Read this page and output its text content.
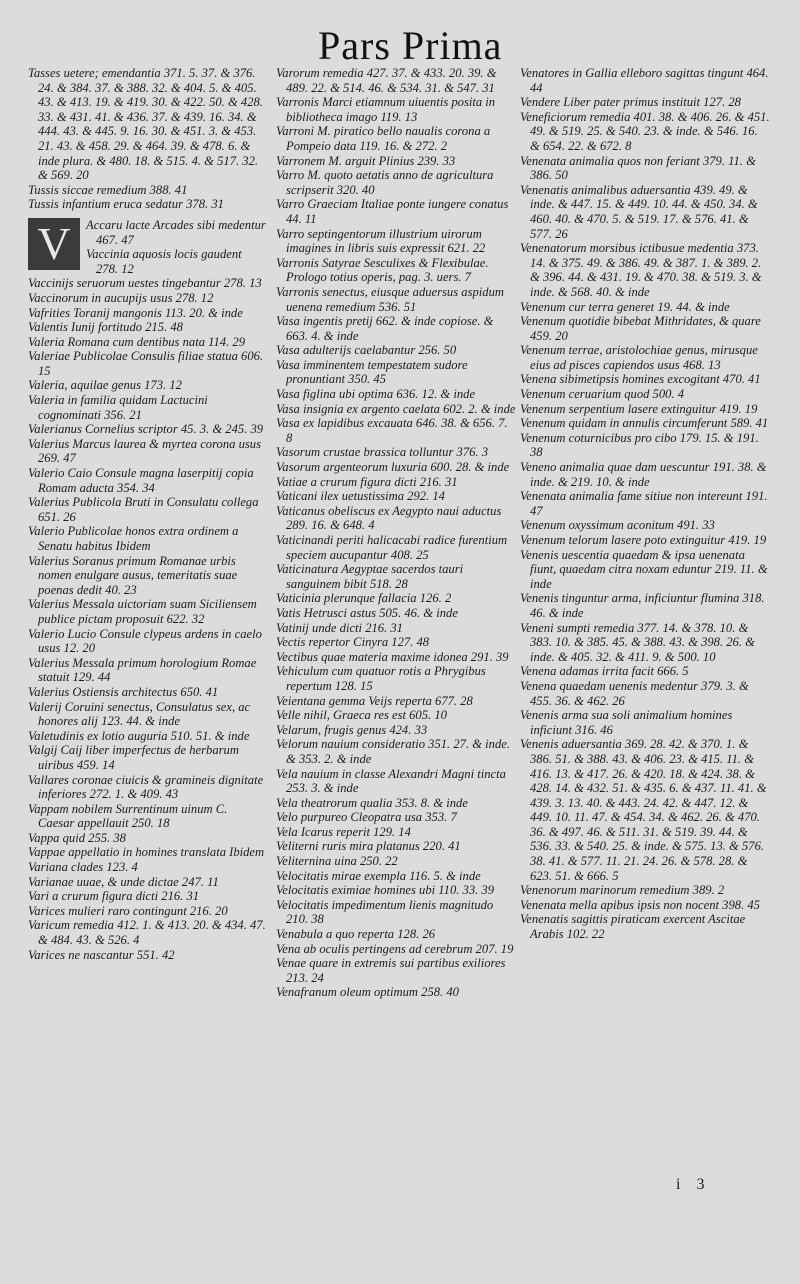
Pars Prima
Tasses uetere; emendantia 371. 5. 37. & 376. 24. & 384. 37. & 388. 32. & 404. 5. & 405. 43. & 413. 19. & 419. 30. & 422. 50. & 428. 33. & 431. 41. & 436. 37. & 439. 16. 34. & 444. 43. & 445. 9. 16. 30. & 451. 3. & 453. 21. 43. & 458. 29. & 464. 39. & 478. 6. & inde plura. & 480. 18. & 515. 4. & 517. 32. & 569. 20
Tussis siccae remedium 388. 41
Tussis infantium eruca sedatur 378. 31
V	Accaru lacte Arcades sibi medentur 467. 47
Vaccinia aquosis locis gaudent 278. 12
Vaccinijs seruorum uestes tingebantur 278. 13
Vaccinorum in aucupijs usus 278. 12
Vafrities Toranij mangonis 113. 20. & inde
Valentis Iunij fortitudo 215. 48
Valeria Romana cum dentibus nata 114. 29
Valeriae Publicolae Consulis filiae statua 606. 15
Valeria, aquilae genus 173. 12
Valeria in familia quidam Lactucini cognominati 356. 21
Valerianus Cornelius scriptor 45. 3. & 245. 39
Valerius Marcus laurea & myrtea corona usus 269. 47
Valerio Caio Consule magna laserpitij copia Romam aducta 354. 34
Valerius Publicola Bruti in Consulatu collega 651. 26
Valerio Publicolae honos extra ordinem a Senatu habitus Ibidem
Valerius Soranus primum Romanae urbis nomen enulgare ausus, temeritatis suae poenas dedit 40. 23
Valerius Messala uictoriam suam Siciliensem publice pictam proposuit 622. 32
Valerio Lucio Consule clypeus ardens in caelo usus 12. 20
Valerius Messala primum horologium Romae statuit 129. 44
Valerius Ostiensis architectus 650. 41
Valerij Coruini senectus, Consulatus sex, ac honores alij 123. 44. & inde
Valetudinis ex lotio auguria 510. 51. & inde
Valgij Caij liber imperfectus de herbarum uiribus 459. 14
Vallares coronae ciuicis & gramineis dignitate inferiores 272. 1. & 409. 43
Vappam nobilem Surrentinum uinum C. Caesar appellauit 250. 18
Vappa quid 255. 38
Vappae appellatio in homines translata Ibidem
Variana clades 123. 4
Varianae uuae, & unde dictae 247. 11
Vari a crurum figura dicti 216. 31
Varices mulieri raro contingunt 216. 20
Varicum remedia 412. 1. & 413. 20. & 434. 47. & 484. 43. & 526. 4
Varices ne nascantur 551. 42
Varorum remedia 427. 37. & 433. 20. 39. & 489. 22. & 514. 46. & 534. 31. & 547. 31
Varronis Marci etiamnum uiuentis posita in bibliotheca imago 119. 13
Varroni M. piratico bello naualis corona a Pompeio data 119. 16. & 272. 2
Varronem M. arguit Plinius 239. 33
Varro M. quoto aetatis anno de agricultura scripserit 320. 40
Varro Graeciam Italiae ponte iungere conatus 44. 11
Varro septingentorum illustrium uirorum imagines in libris suis expressit 621. 22
Varronis Satyrae Sesculixes & Flexibulae. Prologo totius operis, pag. 3. uers. 7
Varronis senectus, eiusque aduersus aspidum uenena remedium 536. 51
Vasa ingentis pretij 662. & inde copiose. & 663. 4. & inde
Vasa adulterijs caelabantur 256. 50
Vasa imminentem tempestatem sudore pronuntiant 350. 45
Vasa figlina ubi optima 636. 12. & inde
Vasa insignia ex argento caelata 602. 2. & inde
Vasa ex lapidibus excauata 646. 38. & 656. 7. 8
Vasorum crustae brassica tolluntur 376. 3
Vasorum argenteorum luxuria 600. 28. & inde
Vatiae a crurum figura dicti 216. 31
Vaticani ilex uetustissima 292. 14
Vaticanus obeliscus ex Aegypto naui aductus 289. 16. & 648. 4
Vaticinandi periti halicacabi radice furentium speciem aucupantur 408. 25
Vaticinatura Aegyptae sacerdos tauri sanguinem bibit 518. 28
Vaticinia plerunque fallacia 126. 2
Vatis Hetrusci astus 505. 46. & inde
Vatinij unde dicti 216. 31
Vectis repertor Cinyra 127. 48
Vectibus quae materia maxime idonea 291. 39
Vehiculum cum quatuor rotis a Phrygibus repertum 128. 15
Veientana gemma Veijs reperta 677. 28
Velle nihil, Graeca res est 605. 10
Velarum, frugis genus 424. 33
Velorum nauium consideratio 351. 27. & inde. & 353. 2. & inde
Vela nauium in classe Alexandri Magni tincta 253. 3. & inde
Vela theatrorum qualia 353. 8. & inde
Velo purpureo Cleopatra usa 353. 7
Vela Icarus reperit 129. 14
Veliterni ruris mira platanus 220. 41
Veliternina uina 250. 22
Velocitatis mirae exempla 116. 5. & inde
Velocitatis eximiae homines ubi 110. 33. 39
Velocitatis impedimentum lienis magnitudo 210. 38
Venabula a quo reperta 128. 26
Vena ab oculis pertingens ad cerebrum 207. 19
Venae quare in extremis sui partibus exiliores 213. 24
Venafranum oleum optimum 258. 40
Venatores in Gallia elleboro sagittas tingunt 464. 44
Vendere Liber pater primus instituit 127. 28
Veneficiorum remedia 401. 38. & 406. 26. & 451. 49. & 519. 25. & 540. 23. & inde. & 546. 16. & 654. 22. & 672. 8
Venenata animalia quos non feriant 379. 11. & 386. 50
Venenatis animalibus aduersantia 439. 49. & inde. & 447. 15. & 449. 10. 44. & 450. 34. & 460. 40. & 470. 5. & 519. 17. & 576. 41. & 577. 26
Venenatorum morsibus ictibusue medentia 373. 14. & 375. 49. & 386. 49. & 387. 1. & 389. 2. & 396. 44. & 431. 19. & 470. 38. & 519. 3. & inde. & 568. 40. & inde
Venenum cur terra generet 19. 44. & inde
Venenum quotidie bibebat Mithridates, & quare 459. 20
Venenum terrae, aristolochiae genus, mirusque eius ad pisces capiendos usus 468. 13
Venena sibimetipsis homines excogitant 470. 41
Venenum ceruarium quod 500. 4
Venenum serpentium lasere extinguitur 419. 19
Venenum quidam in annulis circumferunt 589. 41
Venenum coturnicibus pro cibo 179. 15. & 191. 38
Veneno animalia quae dam uescuntur 191. 38. & inde. & 219. 10. & inde
Venenata animalia fame sitiue non intereunt 191. 47
Venenum oxyssimum aconitum 491. 33
Venenum telorum lasere poto extinguitur 419. 19
Venenis uescentia quaedam & ipsa uenenata fiunt, quaedam citra noxam eduntur 219. 11. & inde
Venenis tinguntur arma, inficiuntur flumina 318. 46. & inde
Veneni sumpti remedia 377. 14. & 378. 10. & 383. 10. & 385. 45. & 388. 43. & 398. 26. & inde. & 405. 32. & 411. 9. & 500. 10
Venena adamas irrita facit 666. 5
Venena quaedam uenenis medentur 379. 3. & 455. 36. & 462. 26
Venenis arma sua soli animalium homines inficiunt 316. 46
Venenis aduersantia 369. 28. 42. & 370. 1. & 386. 51. & 388. 43. & 406. 23. & 415. 11. & 416. 13. & 417. 26. & 420. 18. & 424. 38. & 428. 14. & 432. 51. & 435. 6. & 437. 11. 41. & 439. 3. 13. 40. & 443. 24. 42. & 447. 12. & 449. 10. 11. 47. & 454. 34. & 462. 26. & 470. 36. & 497. 46. & 511. 31. & 519. 39. 44. & 536. 33. & 540. 25. & inde. & 575. 13. & 576. 38. 41. & 577. 11. 21. 24. 26. & 578. 28. & 623. 51. & 666. 5
Venenorum marinorum remedium 389. 2
Venenata mella apibus ipsis non nocent 398. 45
Venenatis sagittis piraticam exercent Ascitae Arabis 102. 22
i 3
